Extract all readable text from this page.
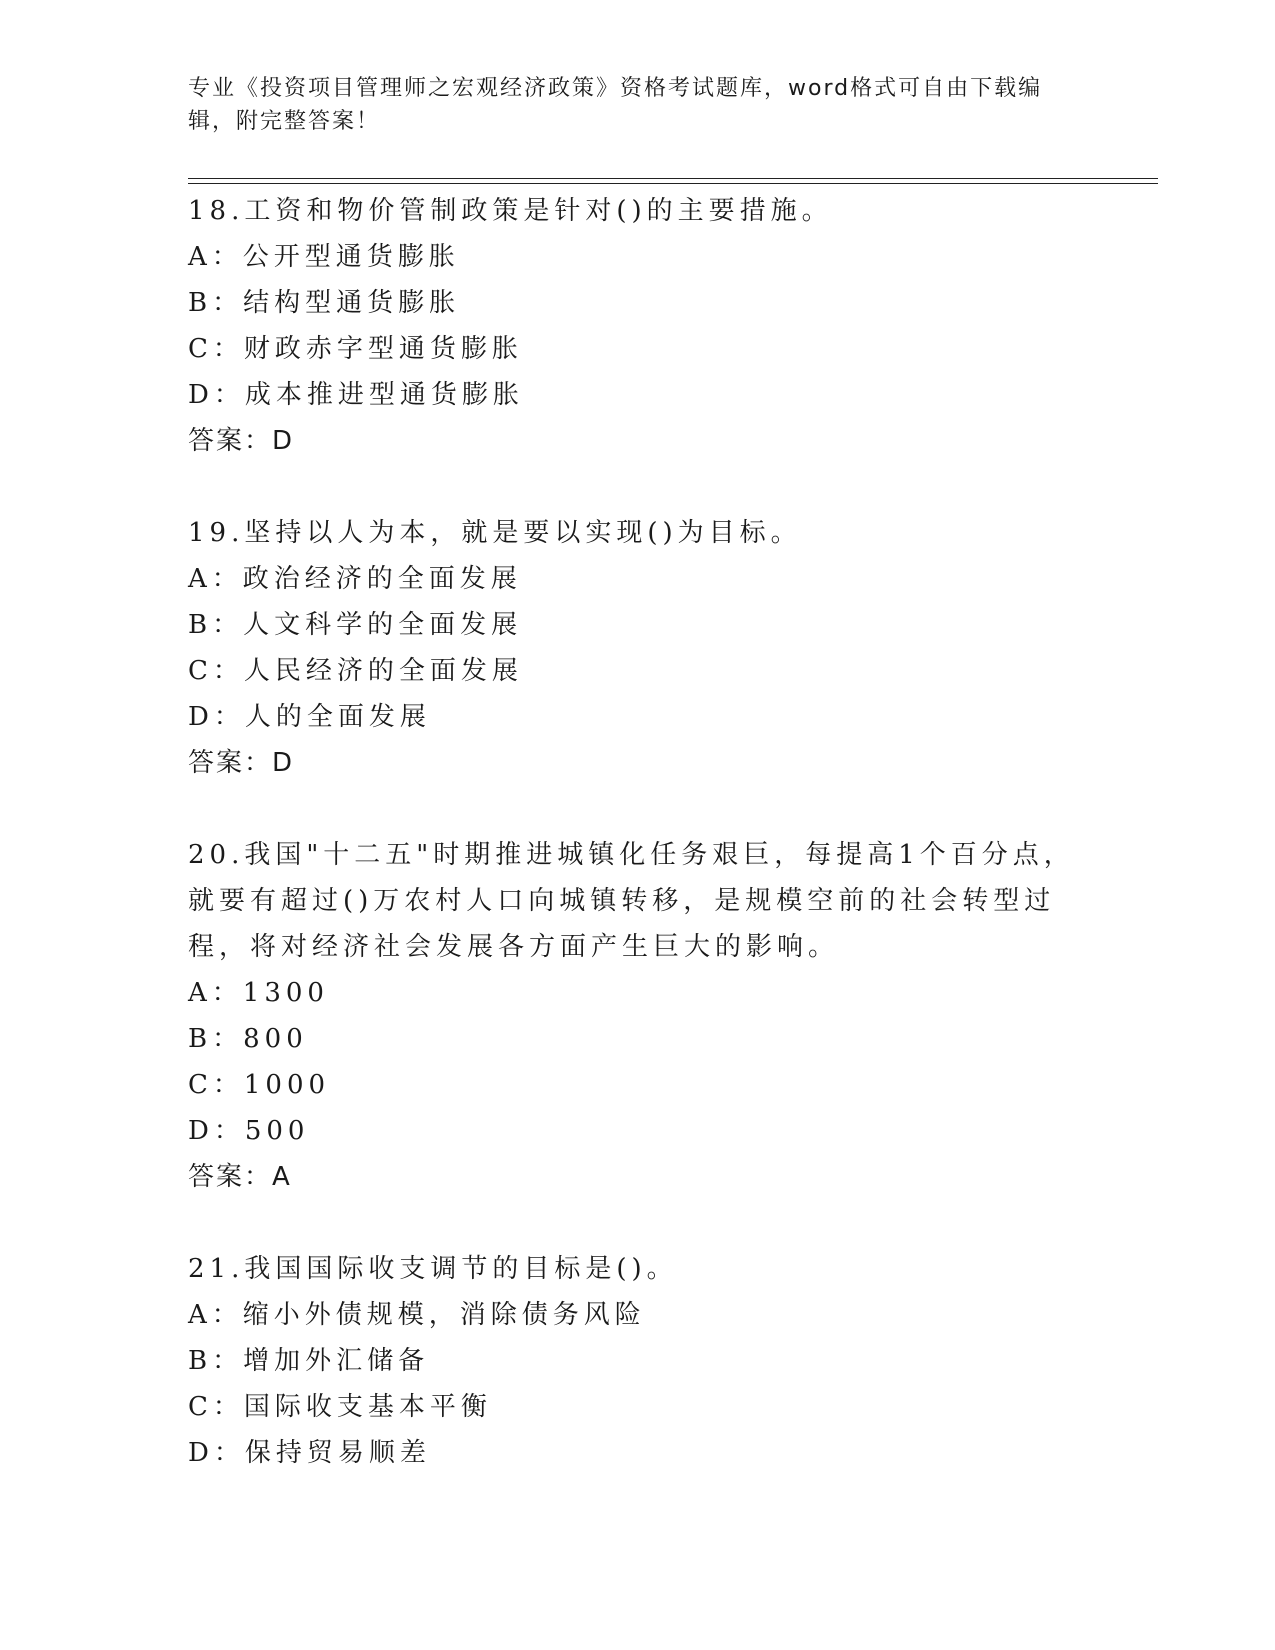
专业《投资项目管理师之宏观经济政策》资格考试题库，word格式可自由下载编辑，附完整答案！
18.工资和物价管制政策是针对()的主要措施。
A：公开型通货膨胀
B：结构型通货膨胀
C：财政赤字型通货膨胀
D：成本推进型通货膨胀
答案：D
19.坚持以人为本，就是要以实现()为目标。
A：政治经济的全面发展
B：人文科学的全面发展
C：人民经济的全面发展
D：人的全面发展
答案：D
20.我国"十二五"时期推进城镇化任务艰巨，每提高1个百分点，就要有超过()万农村人口向城镇转移，是规模空前的社会转型过程，将对经济社会发展各方面产生巨大的影响。
A：1300
B：800
C：1000
D：500
答案：A
21.我国国际收支调节的目标是()。
A：缩小外债规模，消除债务风险
B：增加外汇储备
C：国际收支基本平衡
D：保持贸易顺差
